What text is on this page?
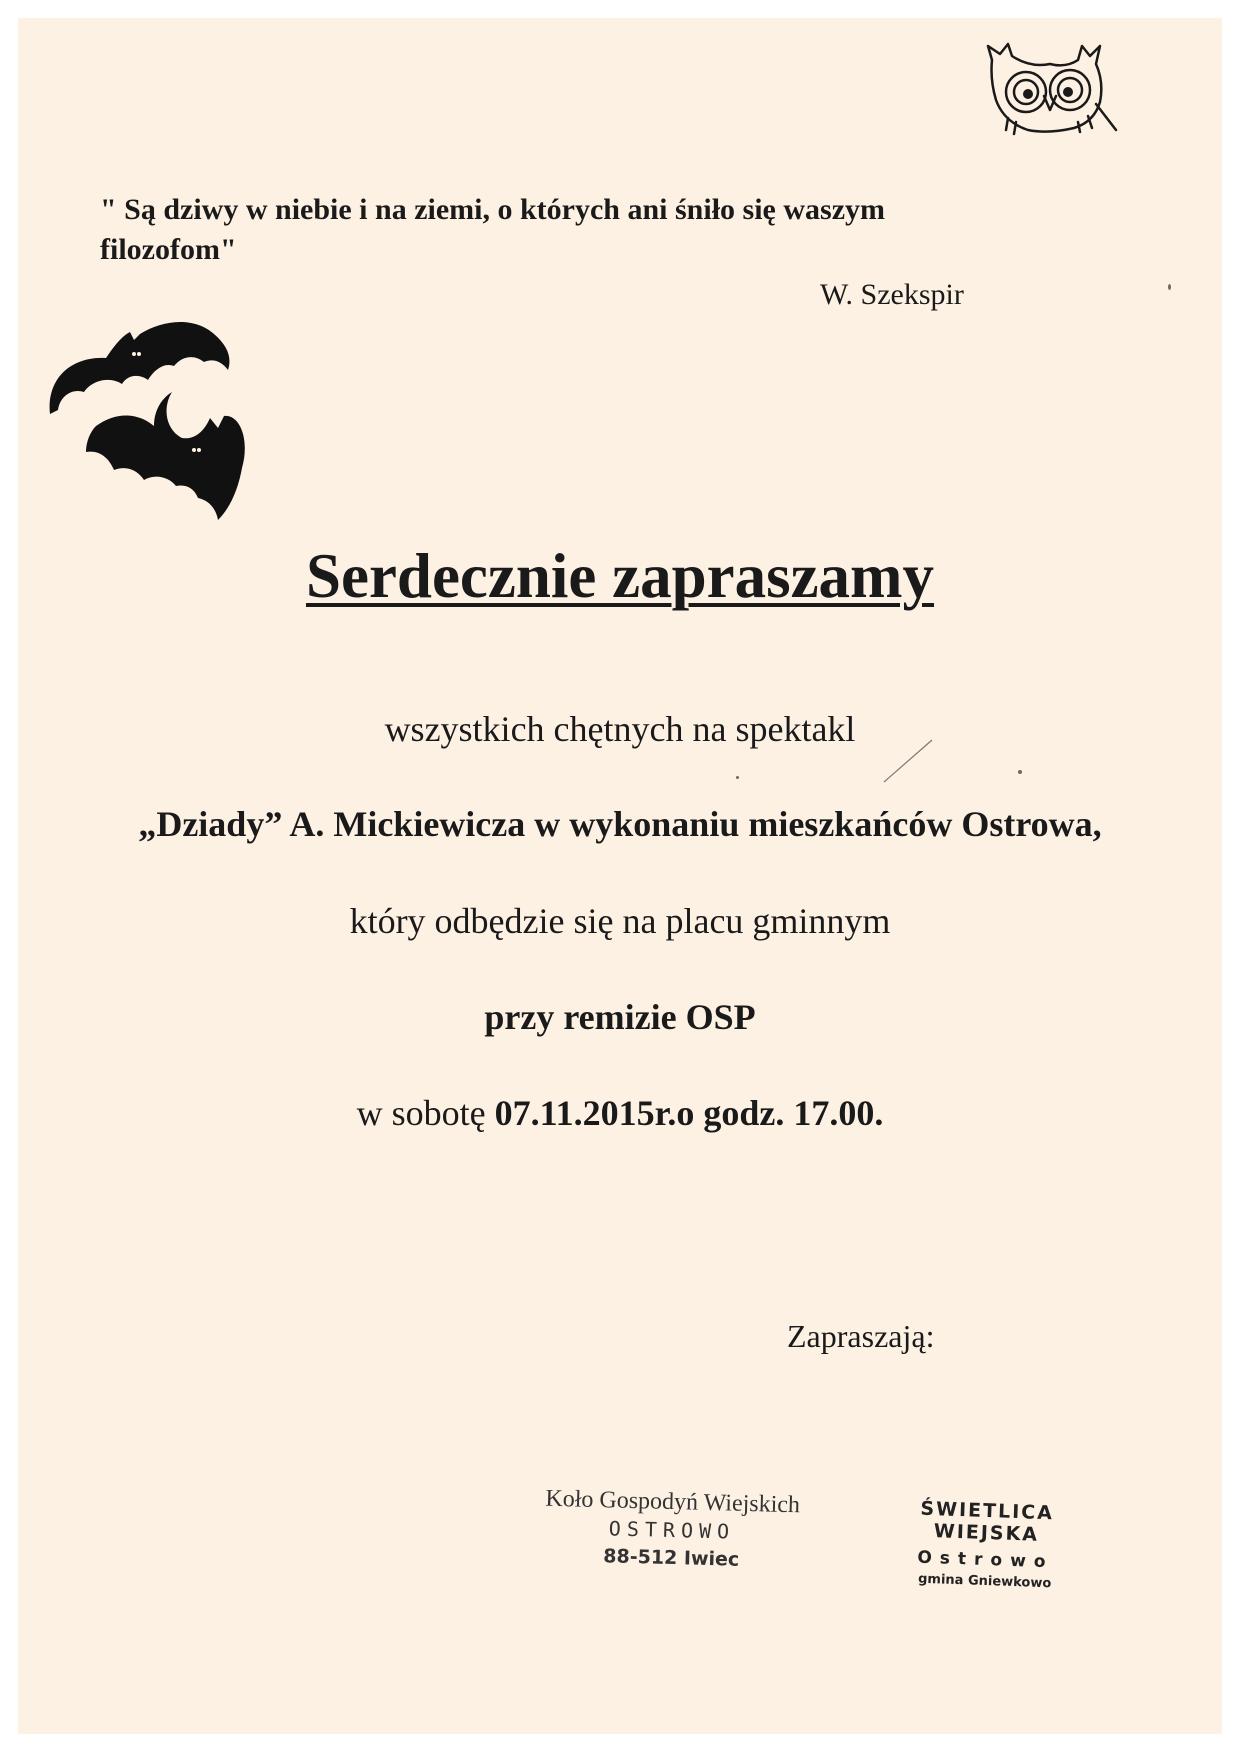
" Są dziwy w niebie i na ziemi, o których ani śniło się waszym
filozofom"
W. Szekspir
Serdecznie zapraszamy
wszystkich chętnych na spektakl
„Dziady” A. Mickiewicza w wykonaniu mieszkańców Ostrowa,
który odbędzie się na placu gminnym
przy remizie OSP
w sobotę 07.11.2015r.o godz. 17.00.
Zapraszają:
Koło Gospodyń Wiejskich
OSTROWO
88-512 Iwiec
ŚWIETLICA WIEJSKA
Ostrowo
gmina Gniewkowo
